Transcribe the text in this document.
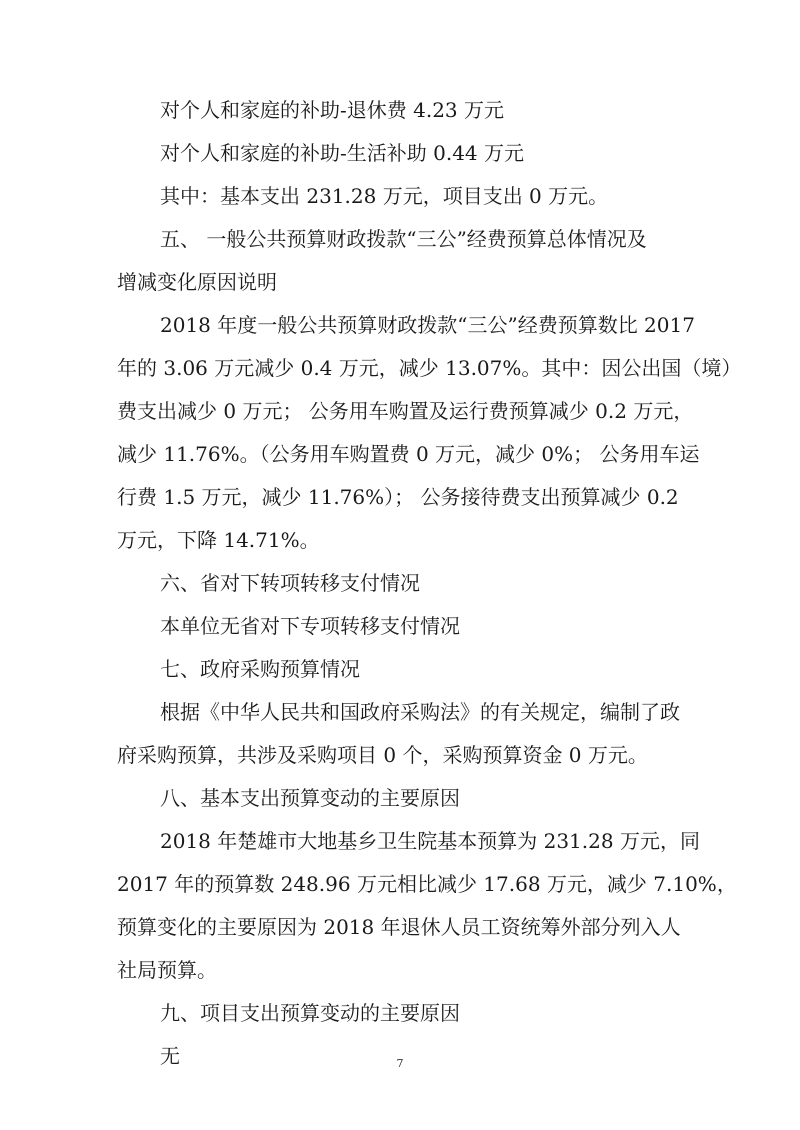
对个人和家庭的补助-退休费 4.23 万元
对个人和家庭的补助-生活补助 0.44 万元
其中：基本支出 231.28 万元，项目支出 0 万元。
五、 一般公共预算财政拨款“三公”经费预算总体情况及
增减变化原因说明
2018 年度一般公共预算财政拨款“三公”经费预算数比 2017
年的 3.06 万元减少 0.4 万元，减少 13.07%。其中：因公出国（境）
费支出减少 0 万元； 公务用车购置及运行费预算减少 0.2 万元，
减少 11.76%。（公务用车购置费 0 万元，减少 0%； 公务用车运
行费 1.5 万元，减少 11.76%）； 公务接待费支出预算减少 0.2
万元，下降 14.71%。
六、省对下转项转移支付情况
本单位无省对下专项转移支付情况
七、政府采购预算情况
根据《中华人民共和国政府采购法》的有关规定，编制了政
府采购预算，共涉及采购项目 0 个，采购预算资金 0 万元。
八、基本支出预算变动的主要原因
2018 年楚雄市大地基乡卫生院基本预算为 231.28 万元，同
2017 年的预算数 248.96 万元相比减少 17.68 万元，减少 7.10%，
预算变化的主要原因为 2018 年退休人员工资统筹外部分列入人
社局预算。
九、项目支出预算变动的主要原因
无	7
